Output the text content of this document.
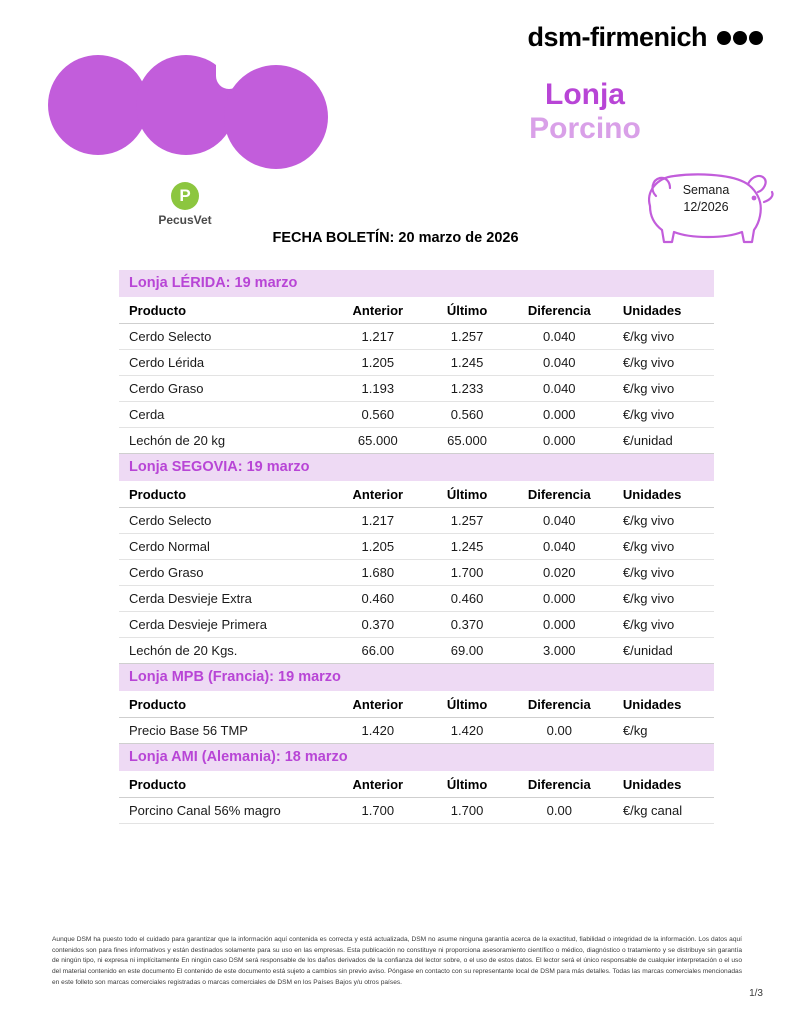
dsm-firmenich
Lonja
Porcino
P
PecusVet
Semana
12/2026
FECHA BOLETÍN: 20 marzo de 2026
Lonja LÉRIDA: 19 marzo
Producto	Anterior	Último	Diferencia	Unidades
Cerdo Selecto	1.217	1.257	0.040	€/kg vivo
Cerdo Lérida	1.205	1.245	0.040	€/kg vivo
Cerdo Graso	1.193	1.233	0.040	€/kg vivo
Cerda	0.560	0.560	0.000	€/kg vivo
Lechón de 20 kg	65.000	65.000	0.000	€/unidad
Lonja SEGOVIA: 19 marzo
Producto	Anterior	Último	Diferencia	Unidades
Cerdo Selecto	1.217	1.257	0.040	€/kg vivo
Cerdo Normal	1.205	1.245	0.040	€/kg vivo
Cerdo Graso	1.680	1.700	0.020	€/kg vivo
Cerda Desvieje Extra	0.460	0.460	0.000	€/kg vivo
Cerda Desvieje Primera	0.370	0.370	0.000	€/kg vivo
Lechón de 20 Kgs.	66.00	69.00	3.000	€/unidad
Lonja MPB (Francia): 19 marzo
Producto	Anterior	Último	Diferencia	Unidades
Precio Base 56 TMP	1.420	1.420	0.00	€/kg
Lonja AMI (Alemania): 18 marzo
Producto	Anterior	Último	Diferencia	Unidades
Porcino Canal 56% magro	1.700	1.700	0.00	€/kg canal
Aunque DSM ha puesto todo el cuidado para garantizar que la información aquí contenida es correcta y está actualizada, DSM no asume ninguna garantía acerca de la exactitud, fiabilidad o integridad de la información. Los datos aquí contenidos son para fines informativos y están destinados solamente para su uso en las empresas. Esta publicación no constituye ni proporciona asesoramiento científico o médico, diagnóstico o tratamiento y se distribuye sin garantía de ningún tipo, ni expresa ni implícitamente En ningún caso DSM será responsable de los daños derivados de la confianza del lector sobre, o el uso de estos datos. El lector será el único responsable de cualquier interpretación o el uso del material contenido en este documento El contenido de este documento está sujeto a cambios sin previo aviso. Póngase en contacto con su representante local de DSM para más detalles. Todas las marcas comerciales mencionadas en este folleto son marcas comerciales registradas o marcas comerciales de DSM en los Países Bajos y/u otros países.
1/3
